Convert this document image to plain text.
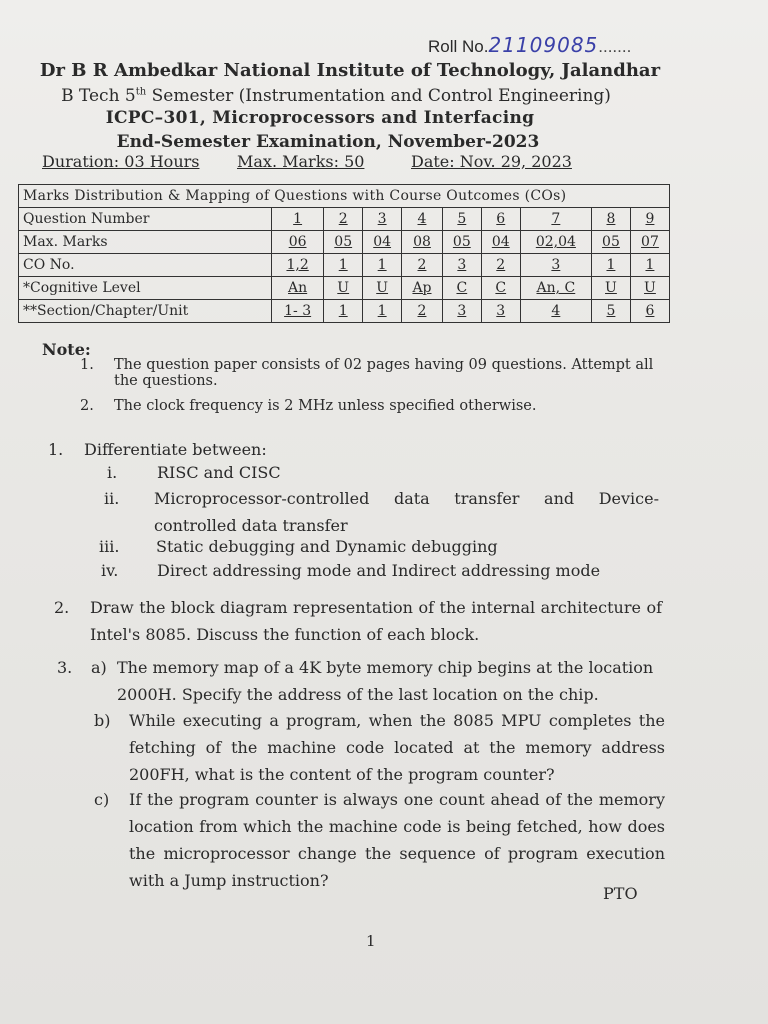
Roll No.21109085.......
Dr B R Ambedkar National Institute of Technology, Jalandhar
B Tech 5th Semester (Instrumentation and Control Engineering)
ICPC–301, Microprocessors and Interfacing
End-Semester Examination, November-2023
Duration: 03 Hours Max. Marks: 50	Date: Nov. 29, 2023
Marks Distribution & Mapping of Questions with Course Outcomes (COs)									
Question Number	1	2	3	4	5	6	7	8	9
Max. Marks	06	05	04	08	05	04	02,04	05	07
CO No.	1,2	1	1	2	3	2	3	1	1
*Cognitive Level	An	U	U	Ap	C	C	An, C	U	U
**Section/Chapter/Unit	1- 3	1	1	2	3	3	4	5	6
Note:
1. The question paper consists of 02 pages having 09 questions. Attempt all the questions.
2. The clock frequency is 2 MHz unless specified otherwise.
1. Differentiate between:
i. RISC and CISC
ii. Microprocessor-controlled data transfer and Device-controlled data transfer
iii. Static debugging and Dynamic debugging
iv. Direct addressing mode and Indirect addressing mode
2. Draw the block diagram representation of the internal architecture of Intel's 8085. Discuss the function of each block.
3. a) The memory map of a 4K byte memory chip begins at the location 2000H. Specify the address of the last location on the chip.
b) While executing a program, when the 8085 MPU completes the fetching of the machine code located at the memory address 200FH, what is the content of the program counter?
c) If the program counter is always one count ahead of the memory location from which the machine code is being fetched, how does the microprocessor change the sequence of program execution with a Jump instruction?
PTO
1
